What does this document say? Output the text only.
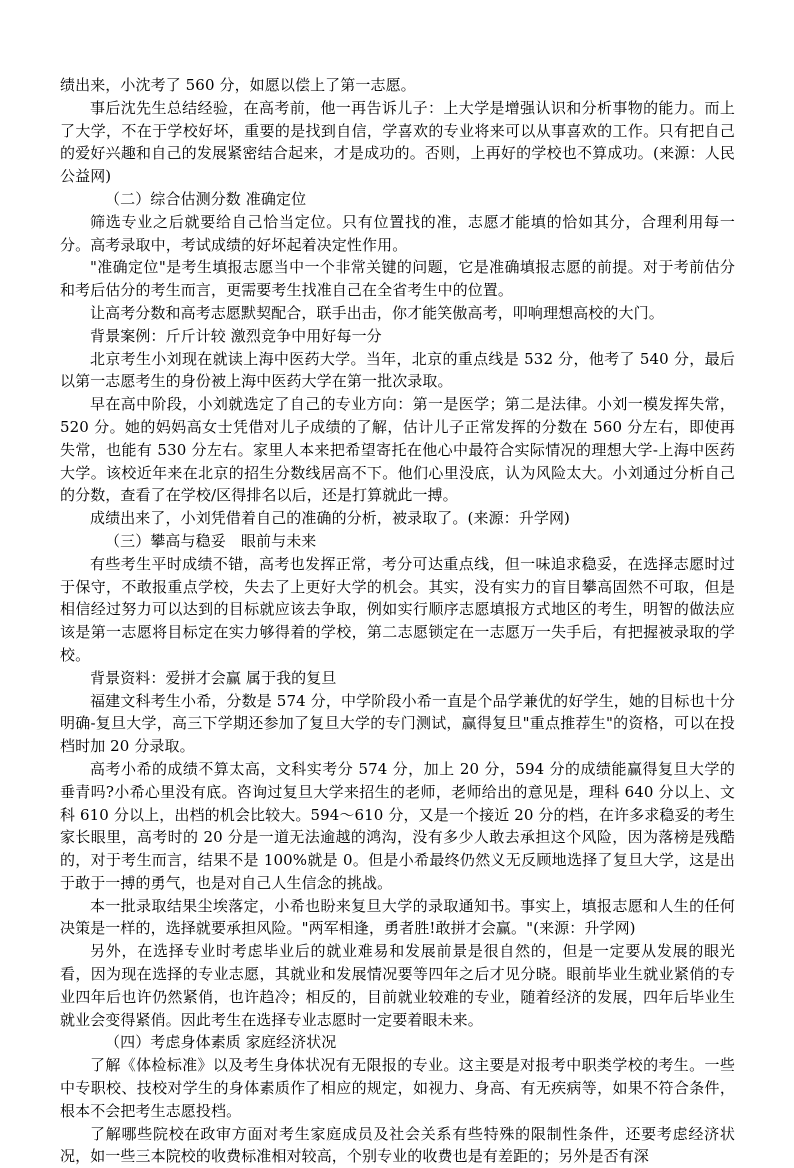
绩出来，小沈考了 560 分，如愿以偿上了第一志愿。

事后沈先生总结经验，在高考前，他一再告诉儿子：上大学是增强认识和分析事物的能力。而上了大学，不在于学校好坏，重要的是找到自信，学喜欢的专业将来可以从事喜欢的工作。只有把自己的爱好兴趣和自己的发展紧密结合起来，才是成功的。否则，上再好的学校也不算成功。(来源：人民公益网)

（二）综合估测分数 准确定位

筛选专业之后就要给自己恰当定位。只有位置找的准，志愿才能填的恰如其分，合理利用每一分。高考录取中，考试成绩的好坏起着决定性作用。

"准确定位"是考生填报志愿当中一个非常关键的问题，它是准确填报志愿的前提。对于考前估分和考后估分的考生而言，更需要考生找准自己在全省考生中的位置。

让高考分数和高考志愿默契配合，联手出击，你才能笑傲高考，叩响理想高校的大门。

背景案例：斤斤计较 激烈竞争中用好每一分

北京考生小刘现在就读上海中医药大学。当年，北京的重点线是 532 分，他考了 540 分，最后以第一志愿考生的身份被上海中医药大学在第一批次录取。

早在高中阶段，小刘就选定了自己的专业方向：第一是医学；第二是法律。小刘一模发挥失常，520 分。她的妈妈高女士凭借对儿子成绩的了解，估计儿子正常发挥的分数在 560 分左右，即使再失常，也能有 530 分左右。家里人本来把希望寄托在他心中最符合实际情况的理想大学-上海中医药大学。该校近年来在北京的招生分数线居高不下。他们心里没底，认为风险太大。小刘通过分析自己的分数，查看了在学校/区得排名以后，还是打算就此一搏。

成绩出来了，小刘凭借着自己的准确的分析，被录取了。(来源：升学网)

（三）攀高与稳妥　眼前与未来

有些考生平时成绩不错，高考也发挥正常，考分可达重点线，但一味追求稳妥，在选择志愿时过于保守，不敢报重点学校，失去了上更好大学的机会。其实，没有实力的盲目攀高固然不可取，但是相信经过努力可以达到的目标就应该去争取，例如实行顺序志愿填报方式地区的考生，明智的做法应该是第一志愿将目标定在实力够得着的学校，第二志愿锁定在一志愿万一失手后，有把握被录取的学校。

背景资料：爱拼才会赢 属于我的复旦

福建文科考生小希，分数是 574 分，中学阶段小希一直是个品学兼优的好学生，她的目标也十分明确-复旦大学，高三下学期还参加了复旦大学的专门测试，赢得复旦"重点推荐生"的资格，可以在投档时加 20 分录取。

高考小希的成绩不算太高，文科实考分 574 分，加上 20 分，594 分的成绩能赢得复旦大学的垂青吗?小希心里没有底。咨询过复旦大学来招生的老师，老师给出的意见是，理科 640 分以上、文科 610 分以上，出档的机会比较大。594～610 分，又是一个接近 20 分的档，在许多求稳妥的考生家长眼里，高考时的 20 分是一道无法逾越的鸿沟，没有多少人敢去承担这个风险，因为落榜是残酷的，对于考生而言，结果不是 100%就是 0。但是小希最终仍然义无反顾地选择了复旦大学，这是出于敢于一搏的勇气，也是对自己人生信念的挑战。

本一批录取结果尘埃落定，小希也盼来复旦大学的录取通知书。事实上，填报志愿和人生的任何决策是一样的，选择就要承担风险。"两军相逢，勇者胜!敢拼才会赢。"(来源：升学网)

另外，在选择专业时考虑毕业后的就业难易和发展前景是很自然的，但是一定要从发展的眼光看，因为现在选择的专业志愿，其就业和发展情况要等四年之后才见分晓。眼前毕业生就业紧俏的专业四年后也许仍然紧俏，也许趋冷；相反的，目前就业较难的专业，随着经济的发展，四年后毕业生就业会变得紧俏。因此考生在选择专业志愿时一定要着眼未来。

（四）考虑身体素质 家庭经济状况

了解《体检标准》以及考生身体状况有无限报的专业。这主要是对报考中职类学校的考生。一些中专职校、技校对学生的身体素质作了相应的规定，如视力、身高、有无疾病等，如果不符合条件，根本不会把考生志愿投档。

了解哪些院校在政审方面对考生家庭成员及社会关系有些特殊的限制性条件，还要考虑经济状况，如一些三本院校的收费标准相对较高，个别专业的收费也是有差距的；另外是否有深
